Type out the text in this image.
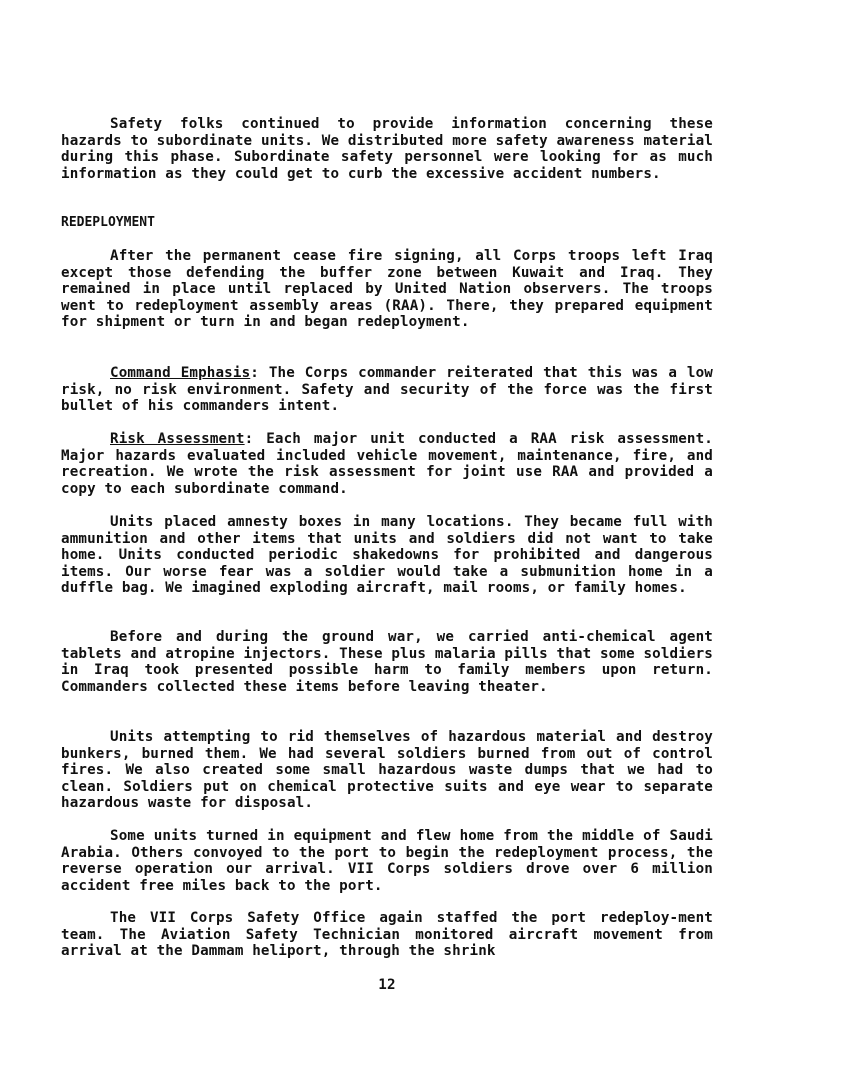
Safety folks continued to provide information concerning these hazards to subordinate units. We distributed more safety awareness material during this phase. Subordinate safety personnel were looking for as much information as they could get to curb the excessive accident numbers.

REDEPLOYMENT

After the permanent cease fire signing, all Corps troops left Iraq except those defending the buffer zone between Kuwait and Iraq. They remained in place until replaced by United Nation observers. The troops went to redeployment assembly areas (RAA). There, they prepared equipment for shipment or turn in and began redeployment.

Command Emphasis: The Corps commander reiterated that this was a low risk, no risk environment. Safety and security of the force was the first bullet of his commanders intent.

Risk Assessment: Each major unit conducted a RAA risk assessment. Major hazards evaluated included vehicle movement, maintenance, fire, and recreation. We wrote the risk assessment for joint use RAA and provided a copy to each subordinate command.

Units placed amnesty boxes in many locations. They became full with ammunition and other items that units and soldiers did not want to take home. Units conducted periodic shakedowns for prohibited and dangerous items. Our worse fear was a soldier would take a submunition home in a duffle bag. We imagined exploding aircraft, mail rooms, or family homes.

Before and during the ground war, we carried anti-chemical agent tablets and atropine injectors. These plus malaria pills that some soldiers in Iraq took presented possible harm to family members upon return. Commanders collected these items before leaving theater.

Units attempting to rid themselves of hazardous material and destroy bunkers, burned them. We had several soldiers burned from out of control fires. We also created some small hazardous waste dumps that we had to clean. Soldiers put on chemical protective suits and eye wear to separate hazardous waste for disposal.

Some units turned in equipment and flew home from the middle of Saudi Arabia. Others convoyed to the port to begin the redeployment process, the reverse operation our arrival. VII Corps soldiers drove over 6 million accident free miles back to the port.

The VII Corps Safety Office again staffed the port redeploy-ment team. The Aviation Safety Technician monitored aircraft movement from arrival at the Dammam heliport, through the shrink

12
